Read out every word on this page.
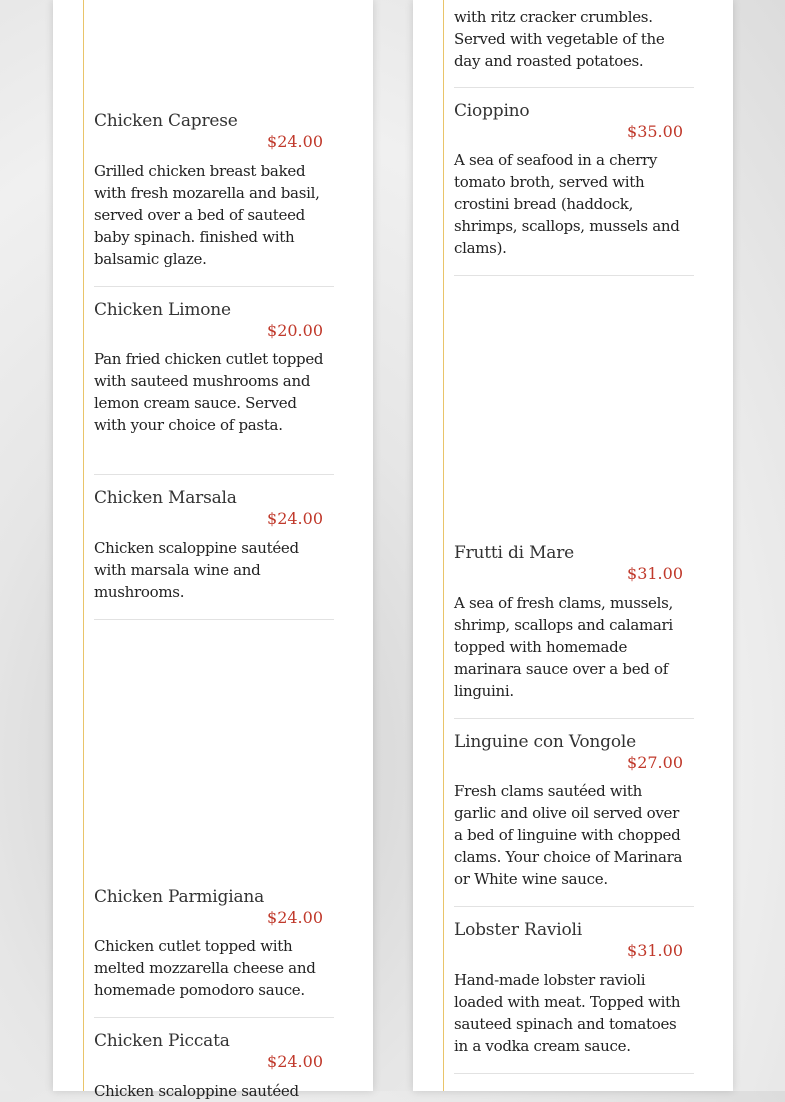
Chicken Caprese
$24.00
Grilled chicken breast baked with fresh mozarella and basil, served over a bed of sauteed baby spinach. finished with balsamic glaze.
Chicken Limone
$20.00
Pan fried chicken cutlet topped with sauteed mushrooms and lemon cream sauce. Served with your choice of pasta.
Chicken Marsala
$24.00
Chicken scaloppine sautéed with marsala wine and mushrooms.
Chicken Parmigiana
$24.00
Chicken cutlet topped with melted mozzarella cheese and homemade pomodoro sauce.
Chicken Piccata
$24.00
Chicken scaloppine sautéed
with ritz cracker crumbles. Served with vegetable of the day and roasted potatoes.
Cioppino
$35.00
A sea of seafood in a cherry tomato broth, served with crostini bread (haddock, shrimps, scallops, mussels and clams).
Frutti di Mare
$31.00
A sea of fresh clams, mussels, shrimp, scallops and calamari topped with homemade marinara sauce over a bed of linguini.
Linguine con Vongole
$27.00
Fresh clams sautéed with garlic and olive oil served over a bed of linguine with chopped clams. Your choice of Marinara or White wine sauce.
Lobster Ravioli
$31.00
Hand-made lobster ravioli loaded with meat. Topped with sauteed spinach and tomatoes in a vodka cream sauce.
